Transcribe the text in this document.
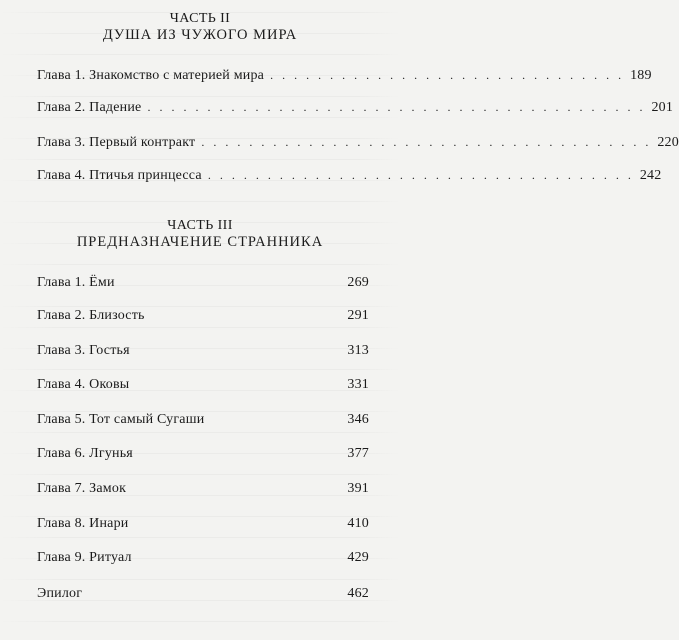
ЧАСТЬ II
ДУША ИЗ ЧУЖОГО МИРА
Глава 1. Знакомство с материей мира . . . . . . . . . . . . . . . . . . . . . . . . . . . . . . 189
Глава 2. Падение . . . . . . . . . . . . . . . . . . . . . . . . . . . . . . . . . . . . . . . . . . 201
Глава 3. Первый контракт . . . . . . . . . . . . . . . . . . . . . . . . . . . . . . . . . . . . . . 220
Глава 4. Птичья принцесса . . . . . . . . . . . . . . . . . . . . . . . . . . . . . . . . . . . . 242
ЧАСТЬ III
ПРЕДНАЗНАЧЕНИЕ СТРАННИКА
Глава 1. Ёми	269
Глава 2. Близость	291
Глава 3. Гостья	313
Глава 4. Оковы	331
Глава 5. Тот самый Сугаши	346
Глава 6. Лгунья	377
Глава 7. Замок	391
Глава 8. Инари	410
Глава 9. Ритуал	429
Эпилог	462
